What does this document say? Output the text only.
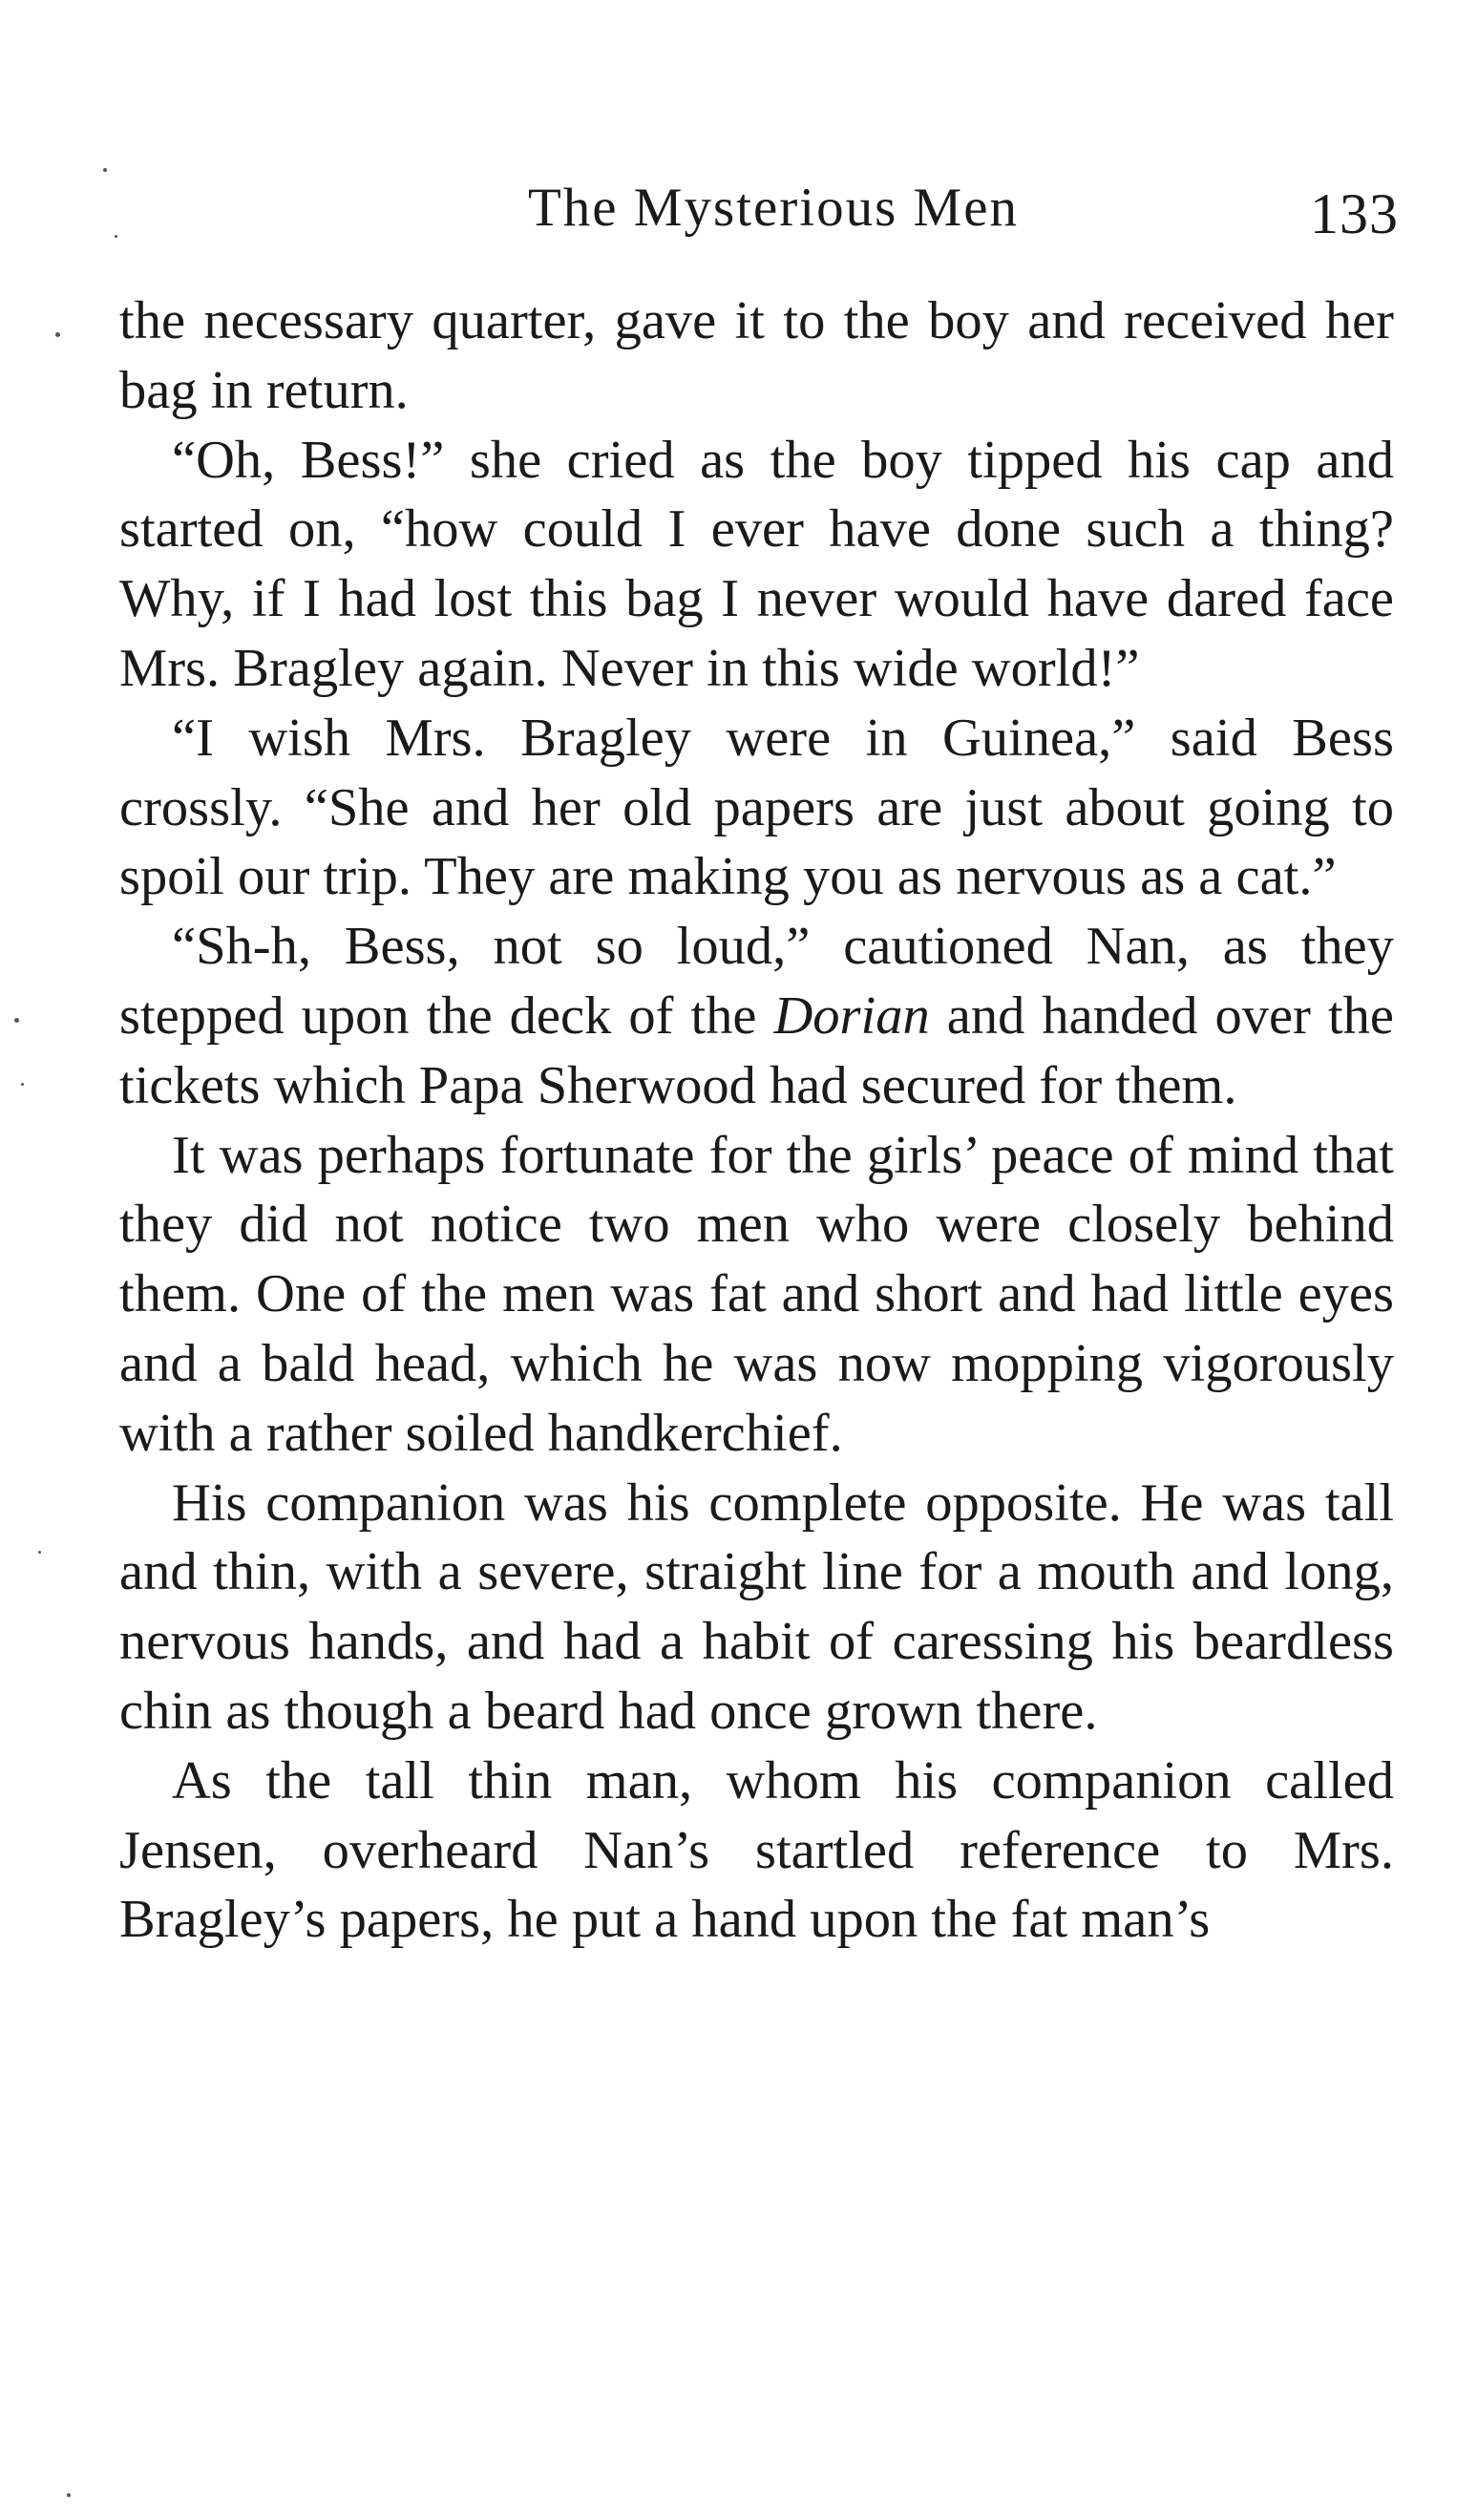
The Mysterious Men	133

the necessary quarter, gave it to the boy and received her bag in return.

“Oh, Bess!” she cried as the boy tipped his cap and started on, “how could I ever have done such a thing? Why, if I had lost this bag I never would have dared face Mrs. Bragley again. Never in this wide world!”

“I wish Mrs. Bragley were in Guinea,” said Bess crossly. “She and her old papers are just about going to spoil our trip. They are making you as nervous as a cat.”

“Sh-h, Bess, not so loud,” cautioned Nan, as they stepped upon the deck of the Dorian and handed over the tickets which Papa Sherwood had secured for them.

It was perhaps fortunate for the girls’ peace of mind that they did not notice two men who were closely behind them. One of the men was fat and short and had little eyes and a bald head, which he was now mopping vigorously with a rather soiled handkerchief.

His companion was his complete opposite. He was tall and thin, with a severe, straight line for a mouth and long, nervous hands, and had a habit of caressing his beardless chin as though a beard had once grown there.

As the tall thin man, whom his companion called Jensen, overheard Nan’s startled reference to Mrs. Bragley’s papers, he put a hand upon the fat man’s
